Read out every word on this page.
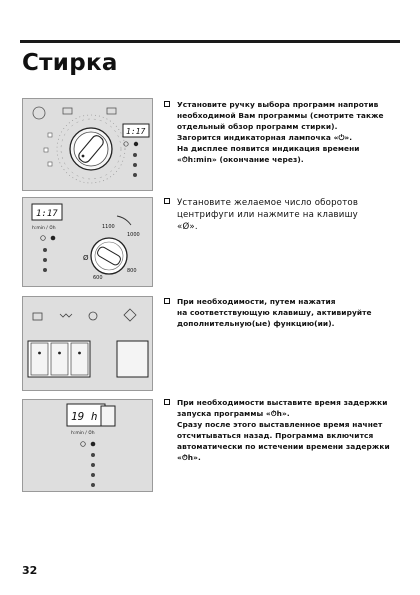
Стирка
1:17
1:17
h:min / ⏱h	1100
1000
800
600
Ø
19 h
h:min / ⏱h
Установите ручку выбора программ напротив
необходимой Вам программы (смотрите также
отдельный обзор программ стирки).
Загорится индикаторная лампочка «⏻».
На дисплее появится индикация времени
«⏱h:min» (окончание через).
Установите желаемое число оборотов
центрифуги или нажмите на клавишу
«Ø».
При необходимости, путем нажатия
на соответствующую клавишу, активируйте
дополнительную(ые) функцию(ии).
При необходимости выставите время задержки
запуска программы «⏱h».
Сразу после этого выставленное время начнет
отсчитываться назад. Программа включится
автоматически по истечении времени задержки
«⏱h».
32
